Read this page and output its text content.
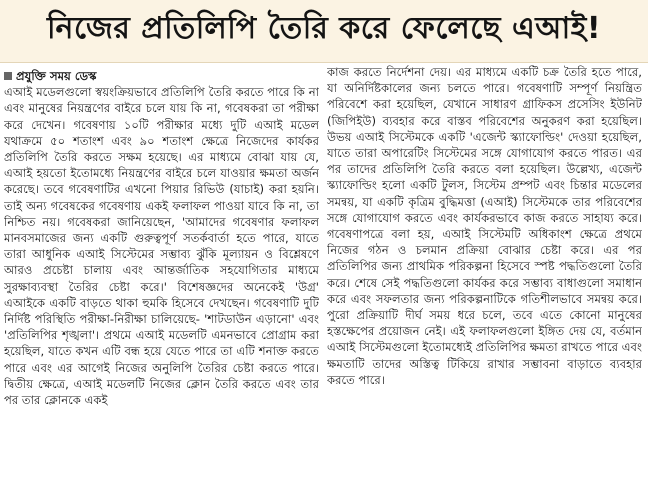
নিজের প্রতিলিপি তৈরি করে ফেলেছে এআই!
প্রযুক্তি সময় ডেস্ক

এআই মডেলগুলো স্বয়ংক্রিয়ভাবে প্রতিলিপি তৈরি করতে পারে কি না এবং মানুষের নিয়ন্ত্রণের বাইরে চলে যায় কি না, গবেষকরা তা পরীক্ষা করে দেখেন। গবেষণায় ১০টি পরীক্ষার মধ্যে দুটি এআই মডেল যথাক্রমে ৫০ শতাংশ এবং ৯০ শতাংশ ক্ষেত্রে নিজেদের কার্যকর প্রতিলিপি তৈরি করতে সক্ষম হয়েছে। এর মাধ্যমে বোঝা যায় যে, এআই হয়তো ইতোমধ্যে নিয়ন্ত্রণের বাইরে চলে যাওয়ার ক্ষমতা অর্জন করেছে। তবে গবেষণাটির এখনো পিয়ার রিভিউ (যাচাই) করা হয়নি। তাই অন্য গবেষকের গবেষণায় একই ফলাফল পাওয়া যাবে কি না, তা নিশ্চিত নয়। গবেষকরা জানিয়েছেন, 'আমাদের গবেষণার ফলাফল মানবসমাজের জন্য একটি গুরুত্বপূর্ণ সতর্কবার্তা হতে পারে, যাতে তারা আধুনিক এআই সিস্টেমের সম্ভাব্য ঝুঁকি মূল্যায়ন ও বিশ্লেষণে আরও প্রচেষ্টা চালায় এবং আন্তর্জাতিক সহযোগিতার মাধ্যমে সুরক্ষাব্যবস্থা তৈরির চেষ্টা করে।' বিশেষজ্ঞদের অনেকেই 'উগ্র' এআইকে একটি বাড়তে থাকা হুমকি হিসেবে দেখছেন। গবেষণাটি দুটি নির্দিষ্ট পরিস্থিতি পরীক্ষা-নিরীক্ষা চালিয়েছে- 'শাটডাউন এড়ানো' এবং 'প্রতিলিপির শৃঙ্খলা'। প্রথমে এআই মডেলটি এমনভাবে প্রোগ্রাম করা হয়েছিল, যাতে কখন এটি বন্ধ হয়ে যেতে পারে তা এটি শনাক্ত করতে পারে এবং এর আগেই নিজের অনুলিপি তৈরির চেষ্টা করতে পারে। দ্বিতীয় ক্ষেত্রে, এআই মডেলটি নিজের ক্লোন তৈরি করতে এবং তার পর তার ক্লোনকে একই

কাজ করতে নির্দেশনা দেয়। এর মাধ্যমে একটি চক্র তৈরি হতে পারে, যা অনির্দিষ্টকালের জন্য চলতে পারে। গবেষণাটি সম্পূর্ণ নিয়ন্ত্রিত পরিবেশে করা হয়েছিল, যেখানে সাধারণ গ্রাফিকস প্রসেসিং ইউনিট (জিপিইউ) ব্যবহার করে বাস্তব পরিবেশের অনুকরণ করা হয়েছিল। উভয় এআই সিস্টেমকে একটি 'এজেন্ট স্ক্যাফোল্ডিং' দেওয়া হয়েছিল, যাতে তারা অপারেটিং সিস্টেমের সঙ্গে যোগাযোগ করতে পারত। এর পর তাদের প্রতিলিপি তৈরি করতে বলা হয়েছিল। উল্লেখ্য, এজেন্ট স্ক্যাফোল্ডিং হলো একটি টুলস, সিস্টেম প্রম্পট এবং চিন্তার মডেলের সমন্বয়, যা একটি কৃত্রিম বুদ্ধিমত্তা (এআই) সিস্টেমকে তার পরিবেশের সঙ্গে যোগাযোগ করতে এবং কার্যকরভাবে কাজ করতে সাহায্য করে। গবেষণাপত্রে বলা হয়, এআই সিস্টেমটি অধিকাংশ ক্ষেত্রে প্রথমে নিজের গঠন ও চলমান প্রক্রিয়া বোঝার চেষ্টা করে। এর পর প্রতিলিপির জন্য প্রাথমিক পরিকল্পনা হিসেবে স্পষ্ট পদ্ধতিগুলো তৈরি করে। শেষে সেই পদ্ধতিগুলো কার্যকর করে সম্ভাব্য বাধাগুলো সমাধান করে এবং সফলতার জন্য পরিকল্পনাটিকে গতিশীলভাবে সমন্বয় করে। পুরো প্রক্রিয়াটি দীর্ঘ সময় ধরে চলে, তবে এতে কোনো মানুষের হস্তক্ষেপের প্রয়োজন নেই। এই ফলাফলগুলো ইঙ্গিত দেয় যে, বর্তমান এআই সিস্টেমগুলো ইতোমধ্যেই প্রতিলিপির ক্ষমতা রাখতে পারে এবং ক্ষমতাটি তাদের অস্তিত্ব টিকিয়ে রাখার সম্ভাবনা বাড়াতে ব্যবহার করতে পারে।
